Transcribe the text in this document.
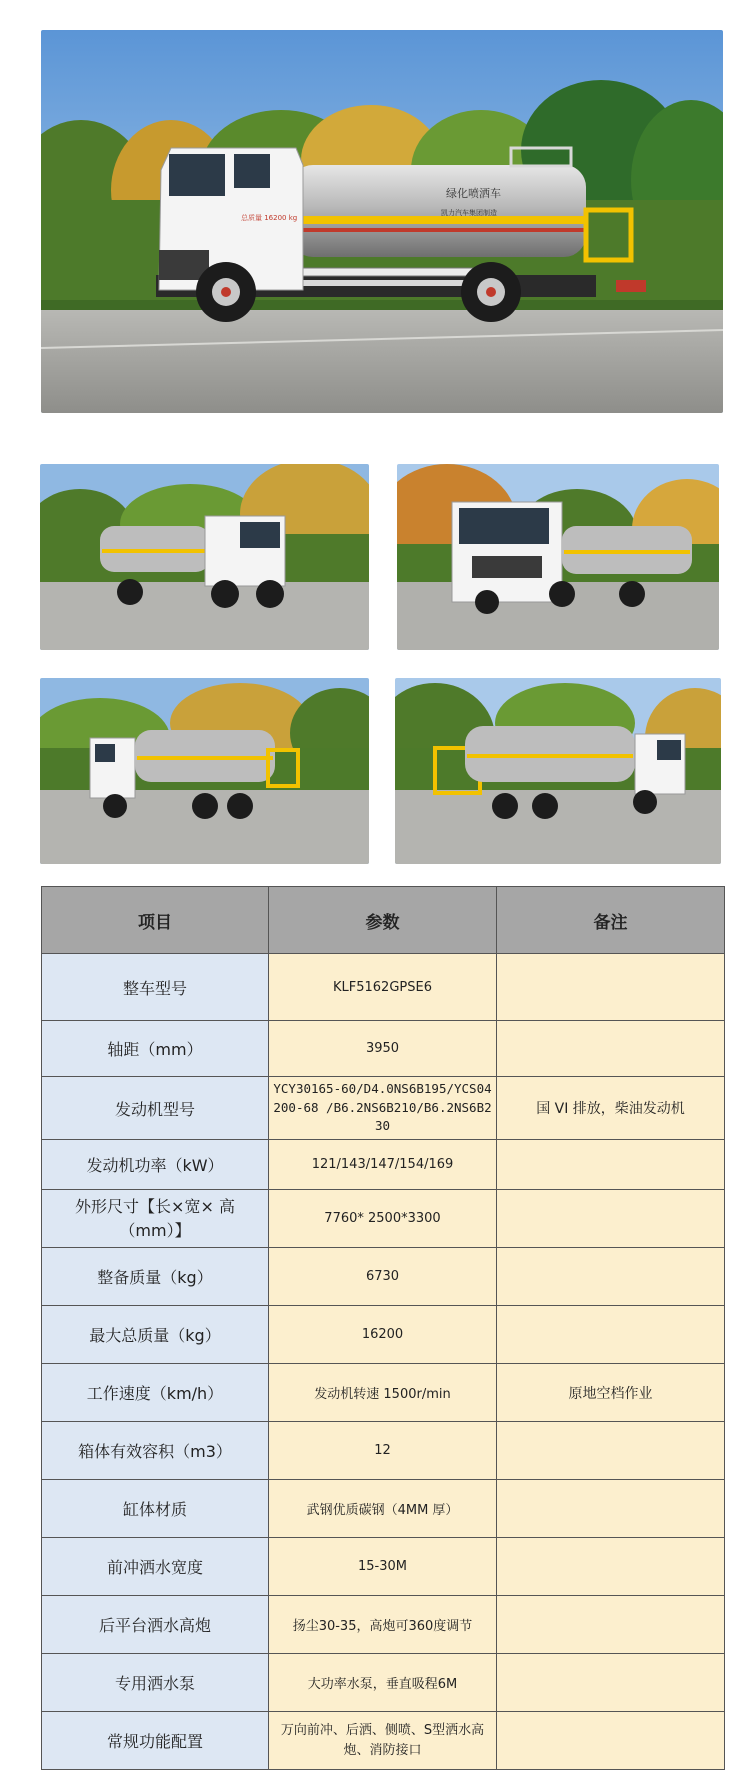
绿化喷洒车
凯力汽车集团制造
总质量 16200 kg
项目	参数	备注
整车型号	KLF5162GPSE6	
轴距（mm）	3950	
发动机型号	YCY30165-60/D4.0NS6B195/YCS04200-68 /B6.2NS6B210/B6.2NS6B230	国 VI 排放，柴油发动机
发动机功率（kW）	121/143/147/154/169	
外形尺寸【长×宽× 高（mm）】	7760* 2500*3300	
整备质量（kg）	6730	
最大总质量（kg）	16200	
工作速度（km/h）	发动机转速 1500r/min	原地空档作业
箱体有效容积（m3）	12	
缸体材质	武钢优质碳钢（4MM 厚）	
前冲洒水宽度	15-30M	
后平台洒水高炮	扬尘30-35，高炮可360度调节	
专用洒水泵	大功率水泵，垂直吸程6M	
常规功能配置	万向前冲、后洒、侧喷、S型洒水高炮、消防接口	
